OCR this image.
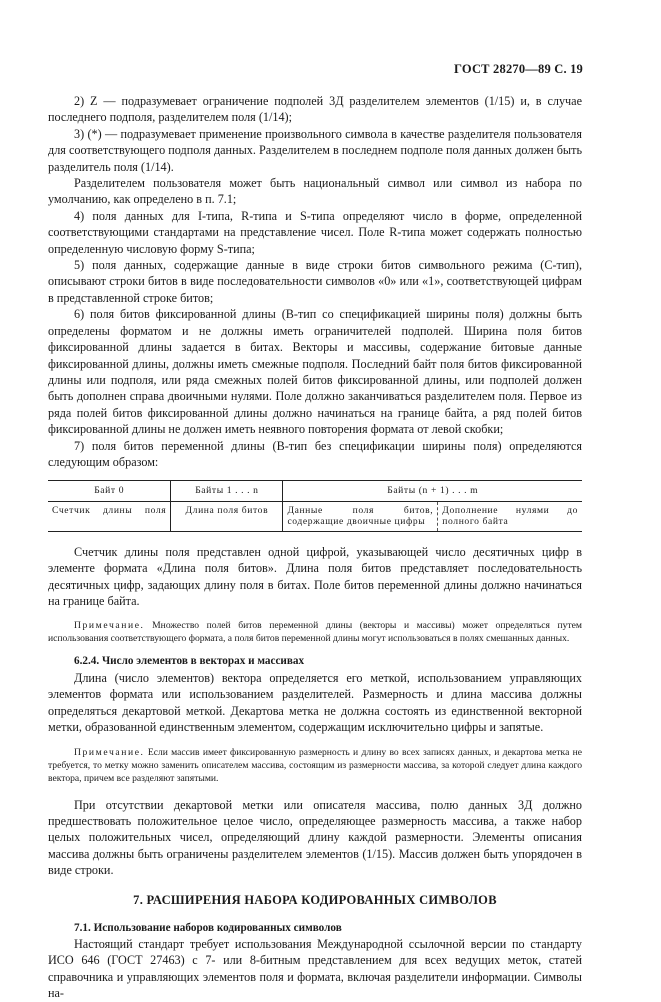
ГОСТ 28270—89 С. 19

2) Z — подразумевает ограничение подполей 3Д разделителем элементов (1/15) и, в случае последнего подполя, разделителем поля (1/14);

3) (*) — подразумевает применение произвольного символа в качестве разделителя пользователя для соответствующего подполя данных. Разделителем в последнем подполе поля данных должен быть разделитель поля (1/14).

Разделителем пользователя может быть национальный символ или символ из набора по умолчанию, как определено в п. 7.1;

4) поля данных для I-типа, R-типа и S-типа определяют число в форме, определенной соответствующими стандартами на представление чисел. Поле R-типа может содержать полностью определенную числовую форму S-типа;

5) поля данных, содержащие данные в виде строки битов символьного режима (С-тип), описывают строки битов в виде последовательности символов «0» или «1», соответствующей цифрам в представленной строке битов;

6) поля битов фиксированной длины (В-тип со спецификацией ширины поля) должны быть определены форматом и не должны иметь ограничителей подполей. Ширина поля битов фиксированной длины задается в битах. Векторы и массивы, содержание битовые данные фиксированной длины, должны иметь смежные подполя. Последний байт поля битов фиксированной длины или подполя, или ряда смежных полей битов фиксированной длины, или подполей должен быть дополнен справа двоичными нулями. Поле должно заканчиваться разделителем поля. Первое из ряда полей битов фиксированной длины должно начинаться на границе байта, а ряд полей битов фиксированной длины не должен иметь неявного повторения формата от левой скобки;

7) поля битов переменной длины (В-тип без спецификации ширины поля) определяются следующим образом:

Байт 0	Байты 1 . . . n	Байты (n + 1) . . . m	
Счетчик длины поля	Длина поля битов	Данные поля битов, содержащие двоичные цифры	Дополнение нулями до полного байта

Счетчик длины поля представлен одной цифрой, указывающей число десятичных цифр в элементе формата «Длина поля битов». Длина поля битов представляет последовательность десятичных цифр, задающих длину поля в битах. Поле битов переменной длины должно начинаться на границе байта.

Примечание. Множество полей битов переменной длины (векторы и массивы) может определяться путем использования соответствующего формата, а поля битов переменной длины могут использоваться в полях смешанных данных.

6.2.4. Число элементов в векторах и массивах

Длина (число элементов) вектора определяется его меткой, использованием управляющих элементов формата или использованием разделителей. Размерность и длина массива должны определяться декартовой меткой. Декартова метка не должна состоять из единственной векторной метки, образованной единственным элементом, содержащим исключительно цифры и запятые.

Примечание. Если массив имеет фиксированную размерность и длину во всех записях данных, и декартова метка не требуется, то метку можно заменить описателем массива, состоящим из размерности массива, за которой следует длина каждого вектора, причем все разделяют запятыми.

При отсутствии декартовой метки или описателя массива, полю данных 3Д должно предшествовать положительное целое число, определяющее размерность массива, а также набор целых положительных чисел, определяющий длину каждой размерности. Элементы описания массива должны быть ограничены разделителем элементов (1/15). Массив должен быть упорядочен в виде строки.

7. РАСШИРЕНИЯ НАБОРА КОДИРОВАННЫХ СИМВОЛОВ

7.1. Использование наборов кодированных символов

Настоящий стандарт требует использования Международной ссылочной версии по стандарту ИСО 646 (ГОСТ 27463) с 7- или 8-битным представлением для всех ведущих меток, статей справочника и управляющих элементов поля и формата, включая разделители информации. Символы на-
